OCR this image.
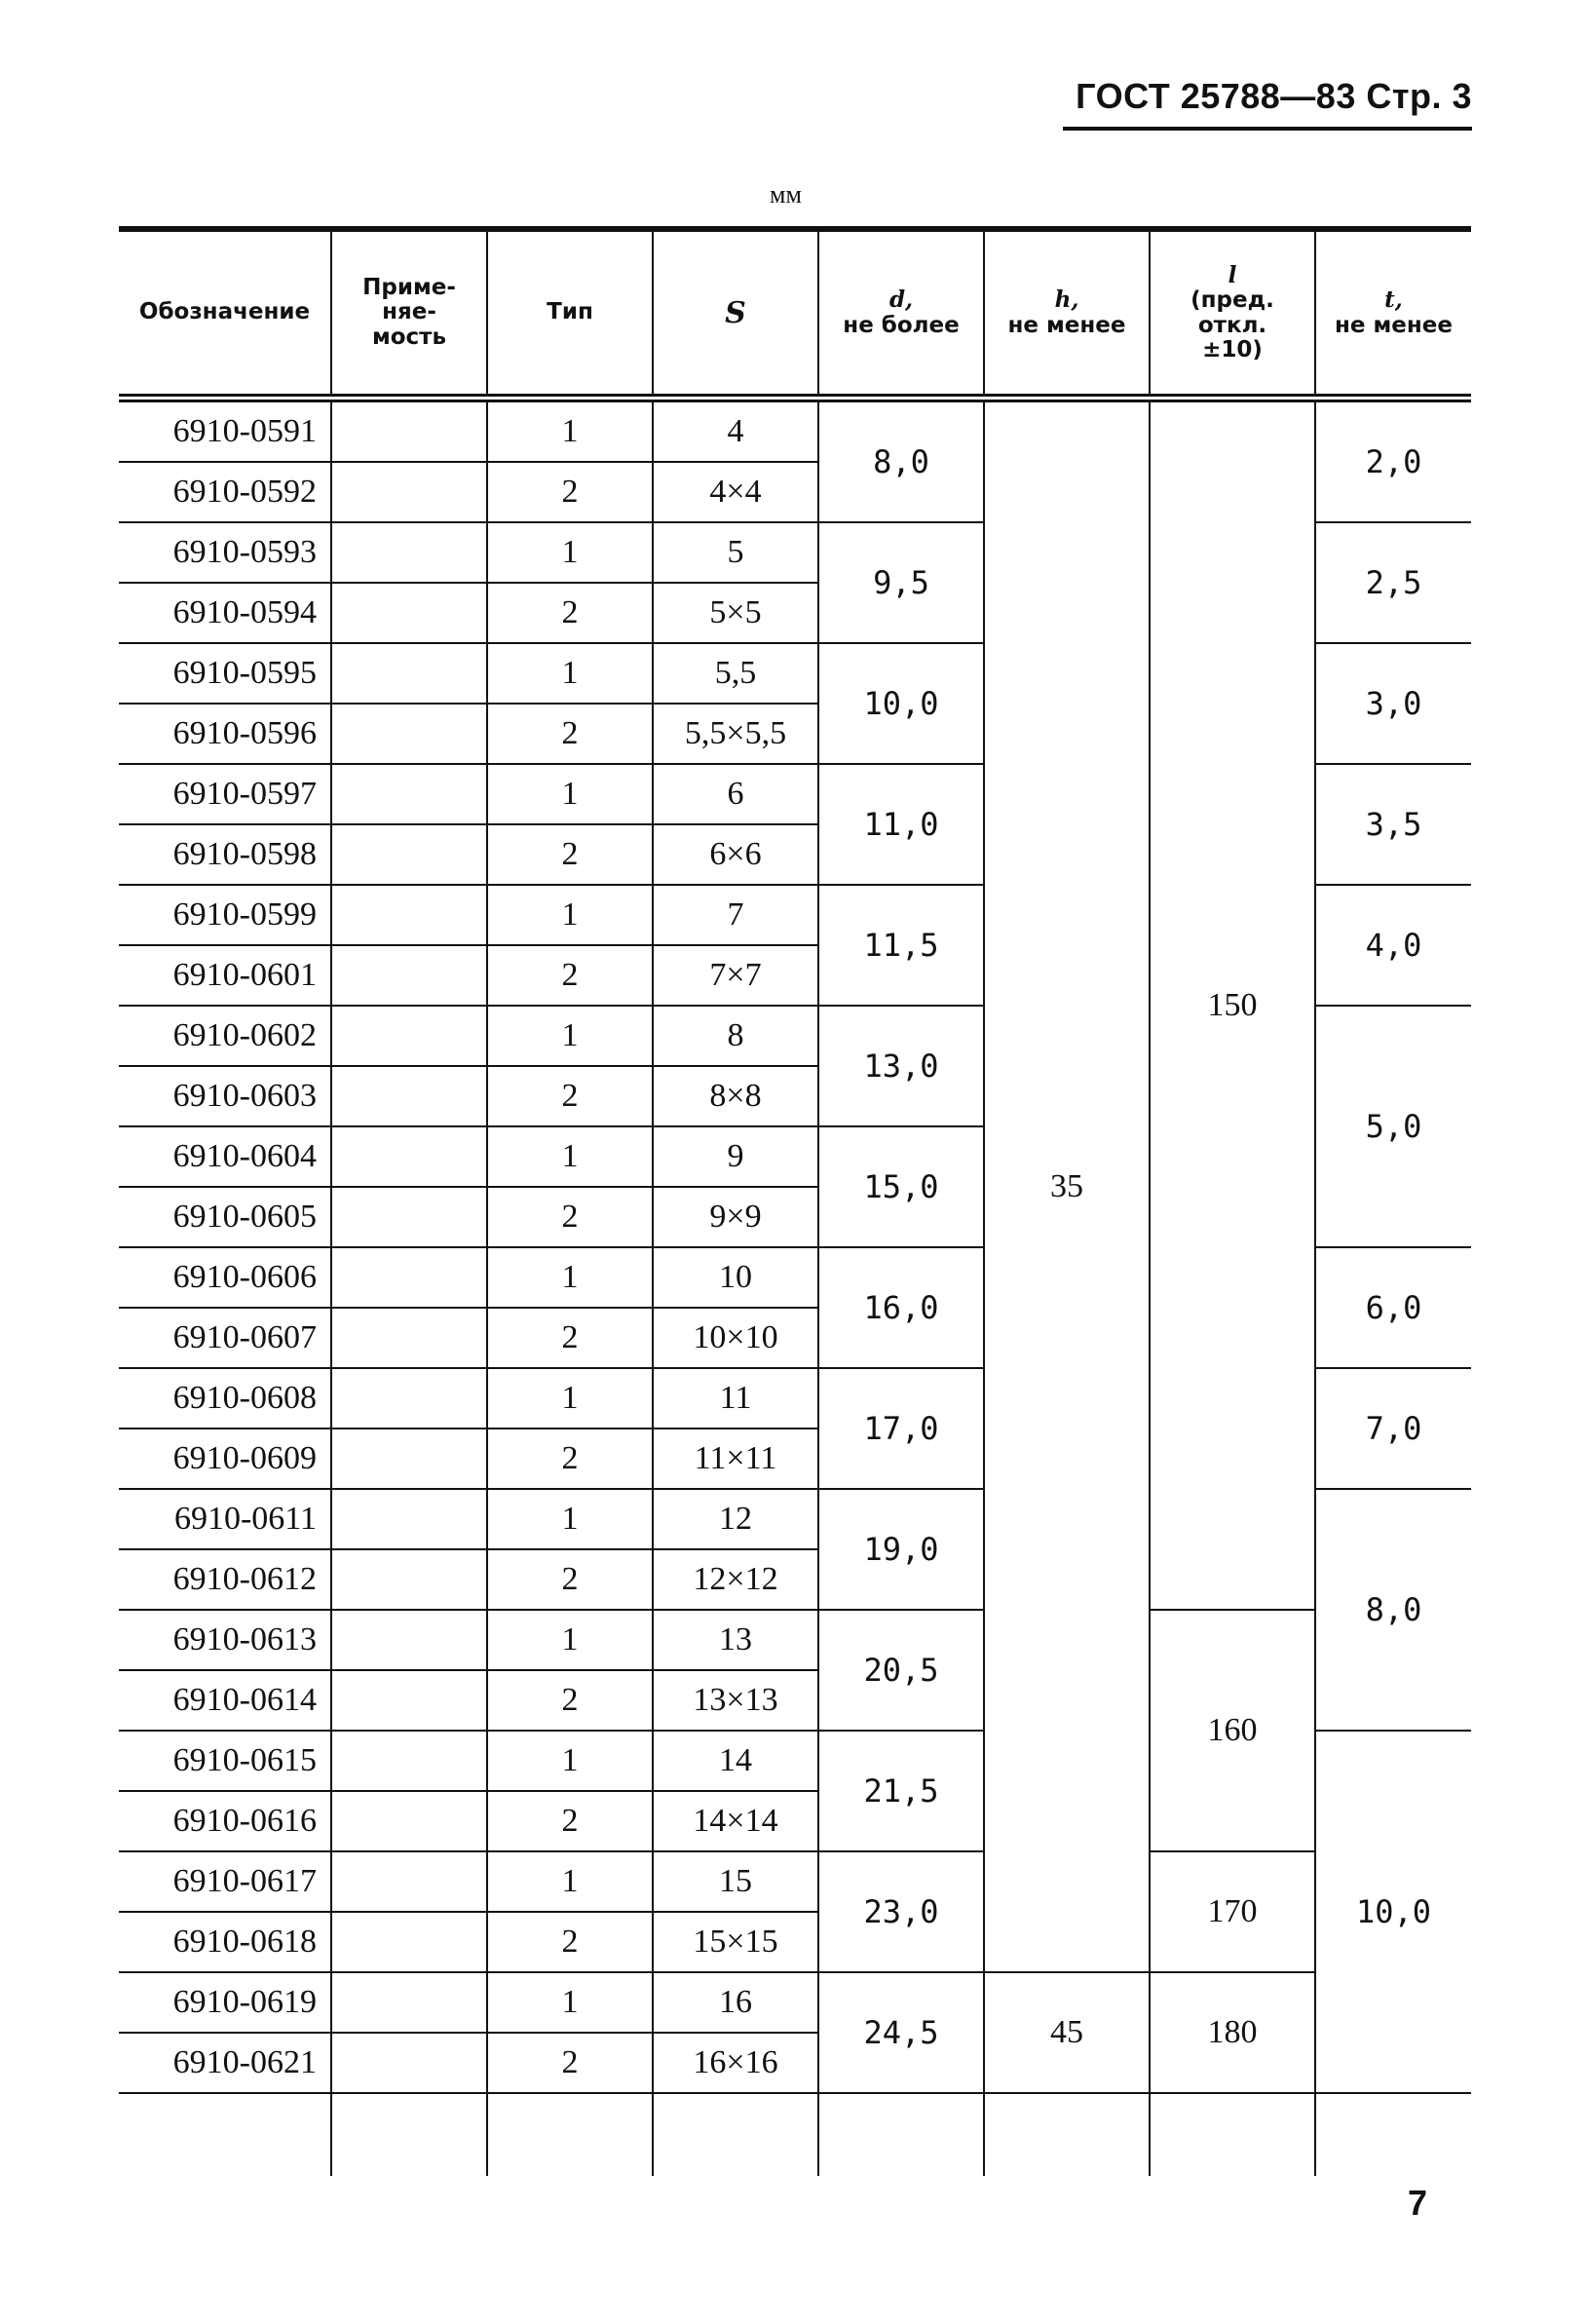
ГОСТ 25788—83 Стр. 3
мм
Обозначение	Приме-
няе-
мость	Тип	S	d,
не более	h,
не менее	l
(пред.
откл.
±10)	t,
не менее
6910-0591		1	4	8,0	35	150	2,0
6910-0592		2	4×4				
6910-0593		1	5	9,5			2,5
6910-0594		2	5×5				
6910-0595		1	5,5	10,0			3,0
6910-0596		2	5,5×5,5				
6910-0597		1	6	11,0			3,5
6910-0598		2	6×6				
6910-0599		1	7	11,5			4,0
6910-0601		2	7×7				
6910-0602		1	8	13,0			5,0
6910-0603		2	8×8				
6910-0604		1	9	15,0			
6910-0605		2	9×9				
6910-0606		1	10	16,0			6,0
6910-0607		2	10×10				
6910-0608		1	11	17,0			7,0
6910-0609		2	11×11				
6910-0611		1	12	19,0			8,0
6910-0612		2	12×12				
6910-0613		1	13	20,5		160	
6910-0614		2	13×13				
6910-0615		1	14	21,5			10,0
6910-0616		2	14×14				
6910-0617		1	15	23,0		170	
6910-0618		2	15×15				
6910-0619		1	16	24,5	45	180	
6910-0621		2	16×16				

7
